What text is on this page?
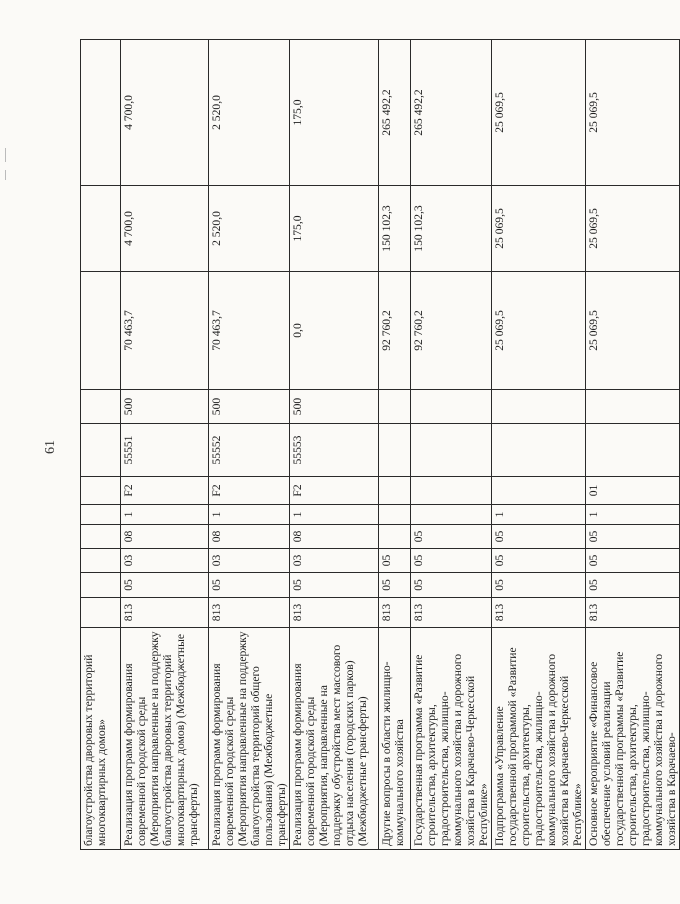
61
благоустройства дворовых территорий многоквартирных домов»											
Реализация программ формирования современной городской среды (Мероприятия направленные на поддержку благоустройства дворовых территорий многоквартирных домов) (Межбюджетные трансферты)	813	05	03	08	1	F2	55551	500	70 463,7	4 700,0	4 700,0
Реализация программ формирования современной городской среды (Мероприятия направленные на поддержку благоустройства территорий общего пользования) (Межбюджетные трансферты)	813	05	03	08	1	F2	55552	500	70 463,7	2 520,0	2 520,0
Реализация программ формирования современной городской среды (Мероприятия, направленные на поддержку обустройства мест массового отдыха населения (городских парков) (Межбюджетные трансферты)	813	05	03	08	1	F2	55553	500	0,0	175,0	175,0
Другие вопросы в области жилищно-коммунального хозяйства	813	05	05						92 760,2	150 102,3	265 492,2
Государственная программа «Развитие строительства, архитектуры, градостроительства, жилищно-коммунального хозяйства и дорожного хозяйства в Карачаево-Черкесской Республике»	813	05	05	05					92 760,2	150 102,3	265 492,2
Подпрограмма «Управление государственной программой «Развитие строительства, архитектуры, градостроительства, жилищно-коммунального хозяйства и дорожного хозяйства в Карачаево-Черкесской Республике»	813	05	05	05	1				25 069,5	25 069,5	25 069,5
Основное мероприятие «Финансовое обеспечение условий реализации государственной программы «Развитие строительства, архитектуры, градостроительства, жилищно-коммунального хозяйства и дорожного хозяйства в Карачаево-	813	05	05	05	1	01			25 069,5	25 069,5	25 069,5
